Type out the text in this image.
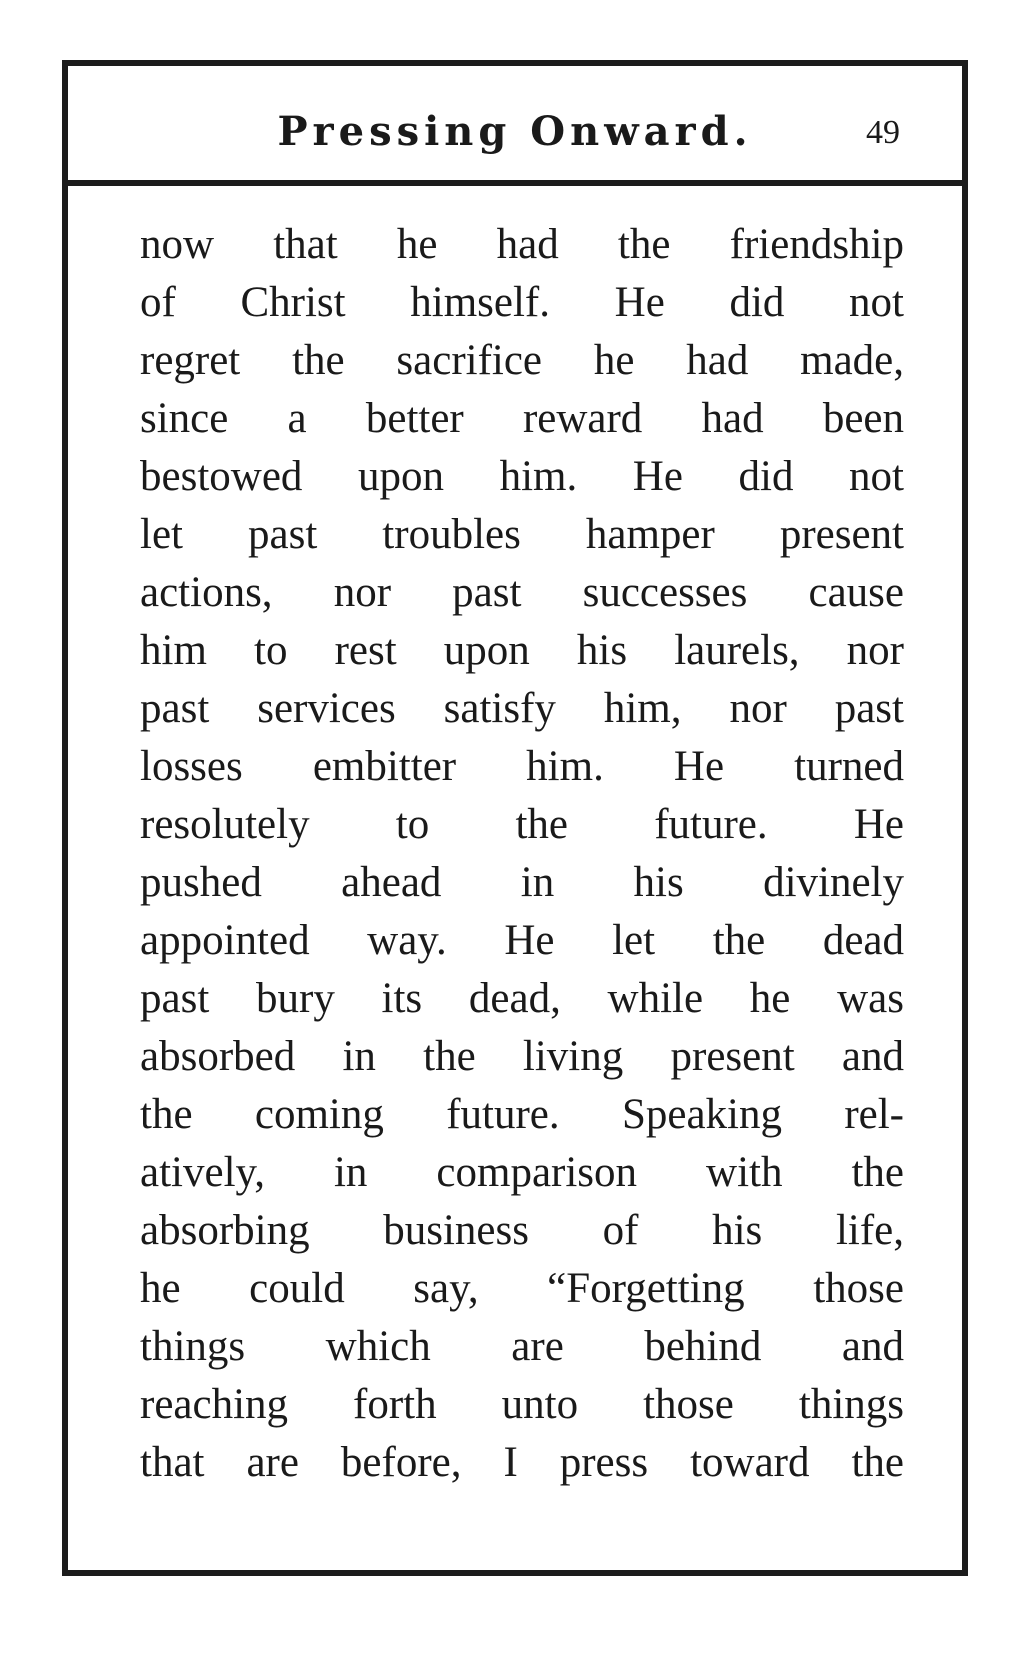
Pressing Onward.	49
now that he had the friendship
of Christ himself. He did not
regret the sacrifice he had made,
since a better reward had been
bestowed upon him. He did not
let past troubles hamper present
actions, nor past successes cause
him to rest upon his laurels, nor
past services satisfy him, nor past
losses embitter him. He turned
resolutely to the future. He
pushed ahead in his divinely
appointed way. He let the dead
past bury its dead, while he was
absorbed in the living present and
the coming future. Speaking rel-
atively, in comparison with the
absorbing business of his life,
he could say, “Forgetting those
things which are behind and
reaching forth unto those things
that are before, I press toward the
